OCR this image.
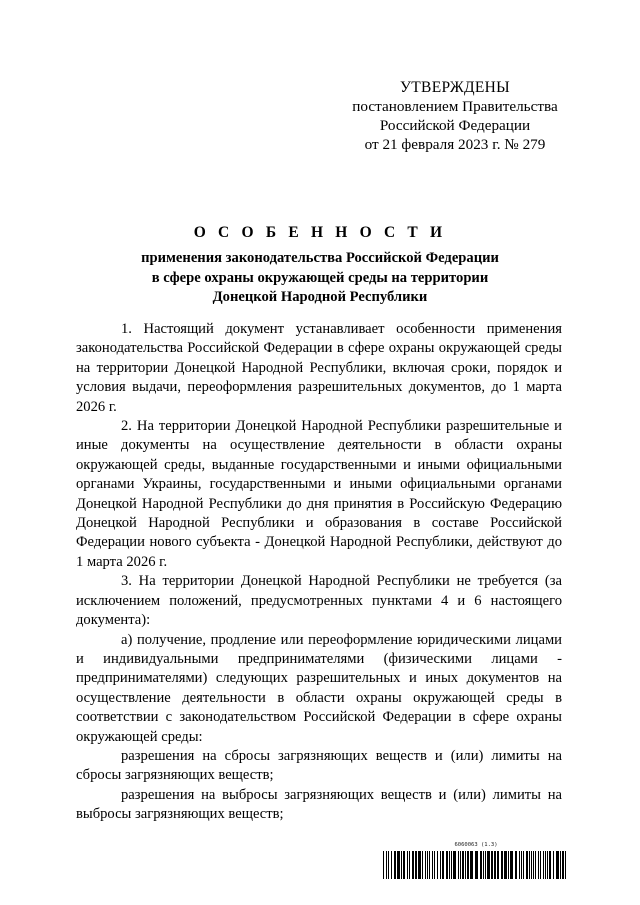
УТВЕРЖДЕНЫ
постановлением Правительства
Российской Федерации
от 21 февраля 2023 г. № 279
О С О Б Е Н Н О С Т И
применения законодательства Российской Федерации
в сфере охраны окружающей среды на территории
Донецкой Народной Республики

1. Настоящий документ устанавливает особенности применения законодательства Российской Федерации в сфере охраны окружающей среды на территории Донецкой Народной Республики, включая сроки, порядок и условия выдачи, переоформления разрешительных документов, до 1 марта 2026 г.

2. На территории Донецкой Народной Республики разрешительные и иные документы на осуществление деятельности в области охраны окружающей среды, выданные государственными и иными официальными органами Украины, государственными и иными официальными органами Донецкой Народной Республики до дня принятия в Российскую Федерацию Донецкой Народной Республики и образования в составе Российской Федерации нового субъекта - Донецкой Народной Республики, действуют до 1 марта 2026 г.

3. На территории Донецкой Народной Республики не требуется (за исключением положений, предусмотренных пунктами 4 и 6 настоящего документа):

а) получение, продление или переоформление юридическими лицами и индивидуальными предпринимателями (физическими лицами - предпринимателями) следующих разрешительных и иных документов на осуществление деятельности в области охраны окружающей среды в соответствии с законодательством Российской Федерации в сфере охраны окружающей среды:

разрешения на сбросы загрязняющих веществ и (или) лимиты на сбросы загрязняющих веществ;

разрешения на выбросы загрязняющих веществ и (или) лимиты на выбросы загрязняющих веществ;

6060063 (1.3)
